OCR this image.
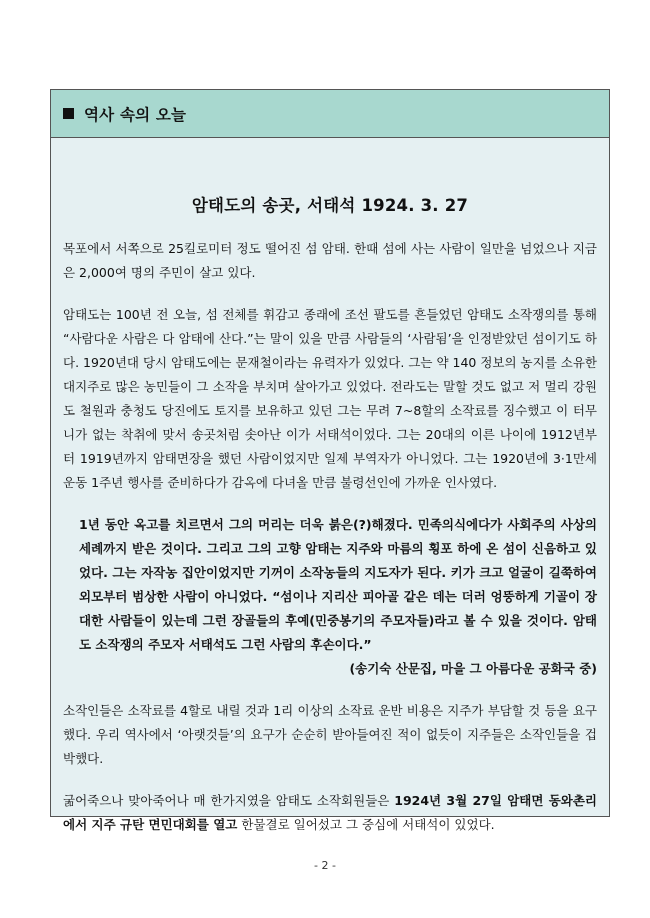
역사 속의 오늘
암태도의 송곳, 서태석 1924. 3. 27

목포에서 서쪽으로 25킬로미터 정도 떨어진 섬 암태. 한때 섬에 사는 사람이 일만을 넘었으나 지금은 2,000여 명의 주민이 살고 있다.

암태도는 100년 전 오늘, 섬 전체를 휘감고 종래에 조선 팔도를 흔들었던 암태도 소작쟁의를 통해 “사람다운 사람은 다 암태에 산다.”는 말이 있을 만큼 사람들의 ‘사람됨’을 인정받았던 섬이기도 하다. 1920년대 당시 암태도에는 문재철이라는 유력자가 있었다. 그는 약 140 정보의 농지를 소유한 대지주로 많은 농민들이 그 소작을 부치며 살아가고 있었다. 전라도는 말할 것도 없고 저 멀리 강원도 철원과 충청도 당진에도 토지를 보유하고 있던 그는 무려 7~8할의 소작료를 징수했고 이 터무니가 없는 착취에 맞서 송곳처럼 솟아난 이가 서태석이었다. 그는 20대의 이른 나이에 1912년부터 1919년까지 암태면장을 했던 사람이었지만 일제 부역자가 아니었다. 그는 1920년에 3·1만세운동 1주년 행사를 준비하다가 감옥에 다녀올 만큼 불령선인에 가까운 인사였다.

1년 동안 옥고를 치르면서 그의 머리는 더욱 붉은(?)해졌다. 민족의식에다가 사회주의 사상의 세례까지 받은 것이다. 그리고 그의 고향 암태는 지주와 마름의 횡포 하에 온 섬이 신음하고 있었다. 그는 자작농 집안이었지만 기꺼이 소작농들의 지도자가 된다. 키가 크고 얼굴이 길쭉하여 외모부터 범상한 사람이 아니었다. “섬이나 지리산 피아골 같은 데는 더러 엉뚱하게 기골이 장대한 사람들이 있는데 그런 장골들의 후예(민중봉기의 주모자들)라고 볼 수 있을 것이다. 암태도 소작쟁의 주모자 서태석도 그런 사람의 후손이다.”

(송기숙 산문집, 마을 그 아름다운 공화국 중)

소작인들은 소작료를 4할로 내릴 것과 1리 이상의 소작료 운반 비용은 지주가 부담할 것 등을 요구했다. 우리 역사에서 ‘아랫것들’의 요구가 순순히 받아들여진 적이 없듯이 지주들은 소작인들을 겁박했다.

굶어죽으나 맞아죽어나 매 한가지였을 암태도 소작회원들은 1924년 3월 27일 암태면 동와촌리에서 지주 규탄 면민대회를 열고 한물결로 일어섰고 그 중심에 서태석이 있었다.

- 2 -
